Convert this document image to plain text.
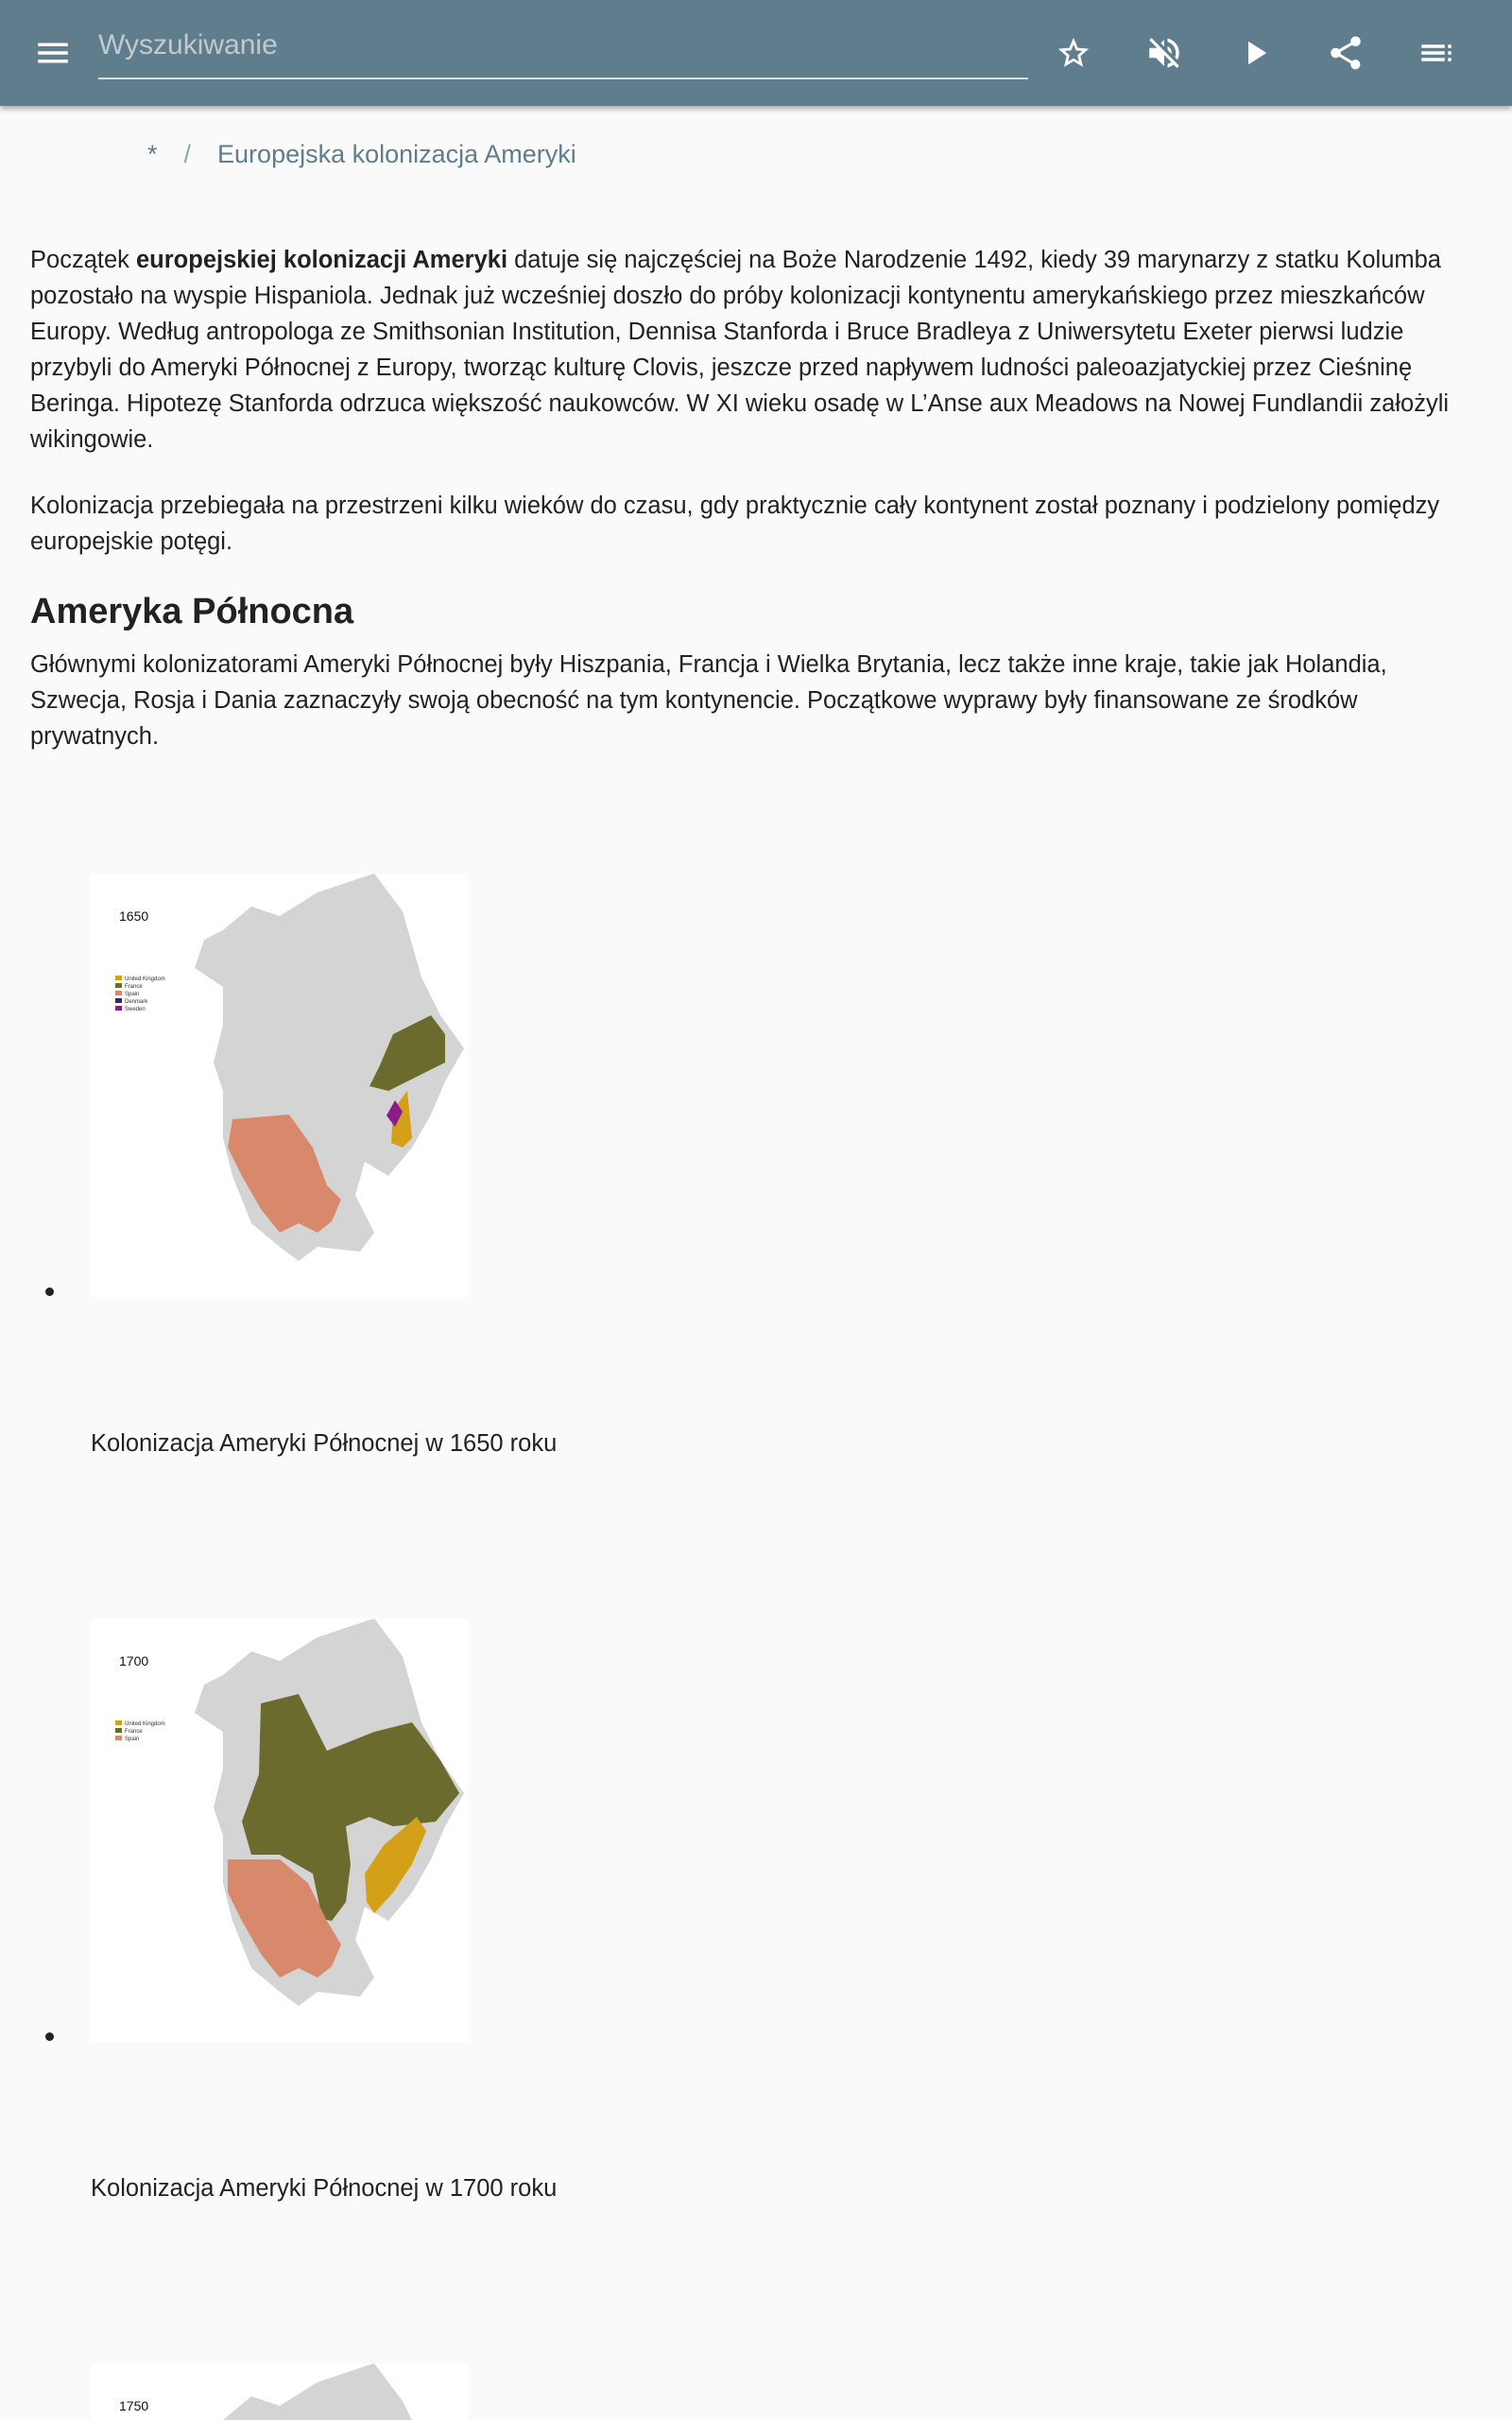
Wyszukiwanie
* / Europejska kolonizacja Ameryki

Początek europejskiej kolonizacji Ameryki datuje się najczęściej na Boże Narodzenie 1492, kiedy 39 marynarzy z statku Kolumba pozostało na wyspie Hispaniola. Jednak już wcześniej doszło do próby kolonizacji kontynentu amerykańskiego przez mieszkańców Europy. Według antropologa ze Smithsonian Institution, Dennisa Stanforda i Bruce Bradleya z Uniwersytetu Exeter pierwsi ludzie przybyli do Ameryki Północnej z Europy, tworząc kulturę Clovis, jeszcze przed napływem ludności paleoazjatyckiej przez Cieśninę Beringa. Hipotezę Stanforda odrzuca większość naukowców. W XI wieku osadę w L’Anse aux Meadows na Nowej Fundlandii założyli wikingowie.

Kolonizacja przebiegała na przestrzeni kilku wieków do czasu, gdy praktycznie cały kontynent został poznany i podzielony pomiędzy europejskie potęgi.

Ameryka Północna

Głównymi kolonizatorami Ameryki Północnej były Hiszpania, Francja i Wielka Brytania, lecz także inne kraje, takie jak Holandia, Szwecja, Rosja i Dania zaznaczyły swoją obecność na tym kontynencie. Początkowe wyprawy były finansowane ze środków prywatnych.

1650
United Kingdom
France
Spain
Denmark
Sweden
Kolonizacja Ameryki Północnej w 1650 roku
1700
United Kingdom
France
Spain
Kolonizacja Ameryki Północnej w 1700 roku
1750
